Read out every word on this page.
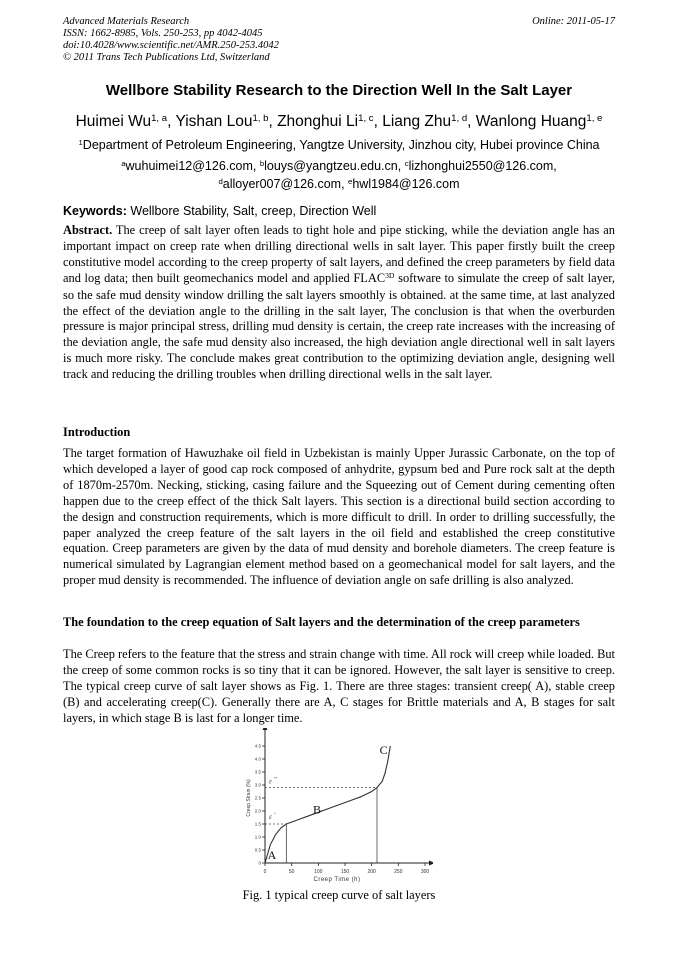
Advanced Materials Research
ISSN: 1662-8985, Vols. 250-253, pp 4042-4045
doi:10.4028/www.scientific.net/AMR.250-253.4042
© 2011 Trans Tech Publications Ltd, Switzerland
Online: 2011-05-17
Wellbore Stability Research to the Direction Well In the Salt Layer
Huimei Wu$^{1, a}$, Yishan Lou$^{1, b}$, Zhonghui Li$^{1, c}$, Liang Zhu$^{1, d}$, Wanlong Huang$^{1, e}$
$^1$Department of Petroleum Engineering, Yangtze University, Jinzhou city, Hubei province China
$^a$wuhuimei12@126.com, $^b$louys@yangtzeu.edu.cn, $^c$lizhonghui2550@126.com,
$^d$alloyer007@126.com, $^e$hwl1984@126.com
Keywords: Wellbore Stability, Salt, creep, Direction Well

Abstract. The creep of salt layer often leads to tight hole and pipe sticking, while the deviation angle has an important impact on creep rate when drilling directional wells in salt layer. This paper firstly built the creep constitutive model according to the creep property of salt layers, and defined the creep parameters by field data and log data; then built geomechanics model and applied $FLAC^{3D}$ software to simulate the creep of salt layer, so the safe mud density window drilling the salt layers smoothly is obtained. at the same time, at last analyzed the effect of the deviation angle to the drilling in the salt layer, The conclusion is that when the overburden pressure is major principal stress, drilling mud density is certain, the creep rate increases with the increasing of the deviation angle, the safe mud density also increased, the high deviation angle directional well in salt layers is much more risky. The conclude makes great contribution to the optimizing deviation angle, designing well track and reducing the drilling troubles when drilling directional wells in the salt layer.

Introduction

The target formation of Hawuzhake oil field in Uzbekistan is mainly Upper Jurassic Carbonate, on the top of which developed a layer of good cap rock composed of anhydrite, gypsum bed and Pure rock salt at the depth of 1870m-2570m. Necking, sticking, casing failure and the Squeezing out of Cement during cementing often happen due to the creep effect of the thick Salt layers. This section is a directional build section according to the design and construction requirements, which is more difficult to drill. In order to drilling successfully, the paper analyzed the creep feature of the salt layers in the oil field and established the creep constitutive equation. Creep parameters are given by the data of mud density and borehole diameters. The creep feature is numerical simulated by Lagrangian element method based on a geomechanical model for salt layers, and the proper mud density is recommended. The influence of deviation angle on safe drilling is also analyzed.

The foundation to the creep equation of Salt layers and the determination of the creep parameters

The Creep refers to the feature that the stress and strain change with time. All rock will creep while loaded. But the creep of some common rocks is so tiny that it can be ignored. However, the salt layer is sensitive to creep. The typical creep curve of salt layer shows as Fig. 1. There are three stages: transient creep( A), stable creep (B) and accelerating creep(C). Generally there are A, C stages for Brittle materials and A, B stages for salt layers, in which stage B is last for a longer time.

0	50	100	150	200	250	300
0
0.5
1.0
1.5
2.0
2.5
3.0
3.5
4.0
4.5
Creep Time (h)
Creep Strain (%) ε **
ε *
A
B
C
Fig. 1 typical creep curve of salt layers
